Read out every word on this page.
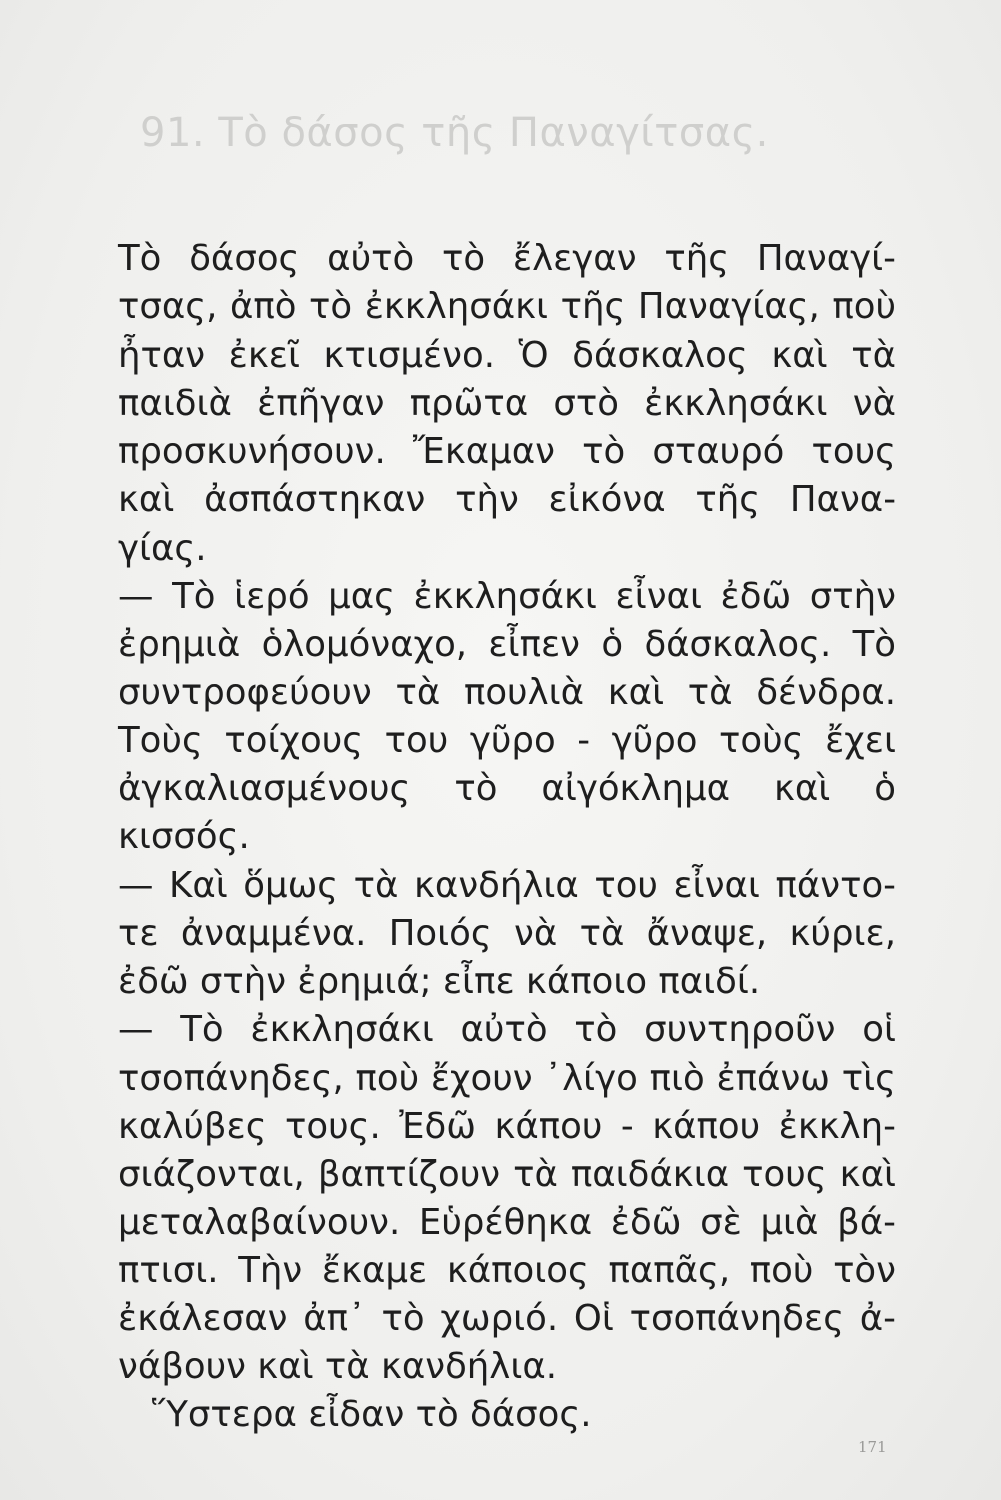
91. Τὸ δάσος τῆς Παναγίτσας.
Τὸ δάσος αὐτὸ τὸ ἔλεγαν τῆς Παναγί-
τσας, ἀπὸ τὸ ἐκκλησάκι τῆς Παναγίας, ποὺ
ἦταν ἐκεῖ κτισμένο. Ὁ δάσκαλος καὶ τὰ
παιδιὰ ἐπῆγαν πρῶτα στὸ ἐκκλησάκι νὰ
προσκυνήσουν. Ἔκαμαν τὸ σταυρό τους
καὶ ἀσπάστηκαν τὴν εἰκόνα τῆς Πανα-
γίας.
— Τὸ ἱερό μας ἐκκλησάκι εἶναι ἐδῶ στὴν
ἐρημιὰ ὁλομόναχο, εἶπεν ὁ δάσκαλος. Τὸ
συντροφεύουν τὰ πουλιὰ καὶ τὰ δένδρα.
Τοὺς τοίχους του γῦρο - γῦρο τοὺς ἔχει
ἀγκαλιασμένους τὸ αἰγόκλημα καὶ ὁ
κισσός.
— Καὶ ὅμως τὰ κανδήλια του εἶναι πάντο-
τε ἀναμμένα. Ποιός νὰ τὰ ἄναψε, κύριε,
ἐδῶ στὴν ἐρημιά; εἶπε κάποιο παιδί.
— Τὸ ἐκκλησάκι αὐτὸ τὸ συντηροῦν οἱ
τσοπάνηδες, ποὺ ἔχουν ᾽λίγο πιὸ ἐπάνω τὶς
καλύβες τους. Ἐδῶ κάπου - κάπου ἐκκλη-
σιάζονται, βαπτίζουν τὰ παιδάκια τους καὶ
μεταλαβαίνουν. Εὑρέθηκα ἐδῶ σὲ μιὰ βά-
πτισι. Τὴν ἔκαμε κάποιος παπᾶς, ποὺ τὸν
ἐκάλεσαν ἀπ᾽ τὸ χωριό. Οἱ τσοπάνηδες ἀ-
νάβουν καὶ τὰ κανδήλια.
Ὕστερα εἶδαν τὸ δάσος.
171
